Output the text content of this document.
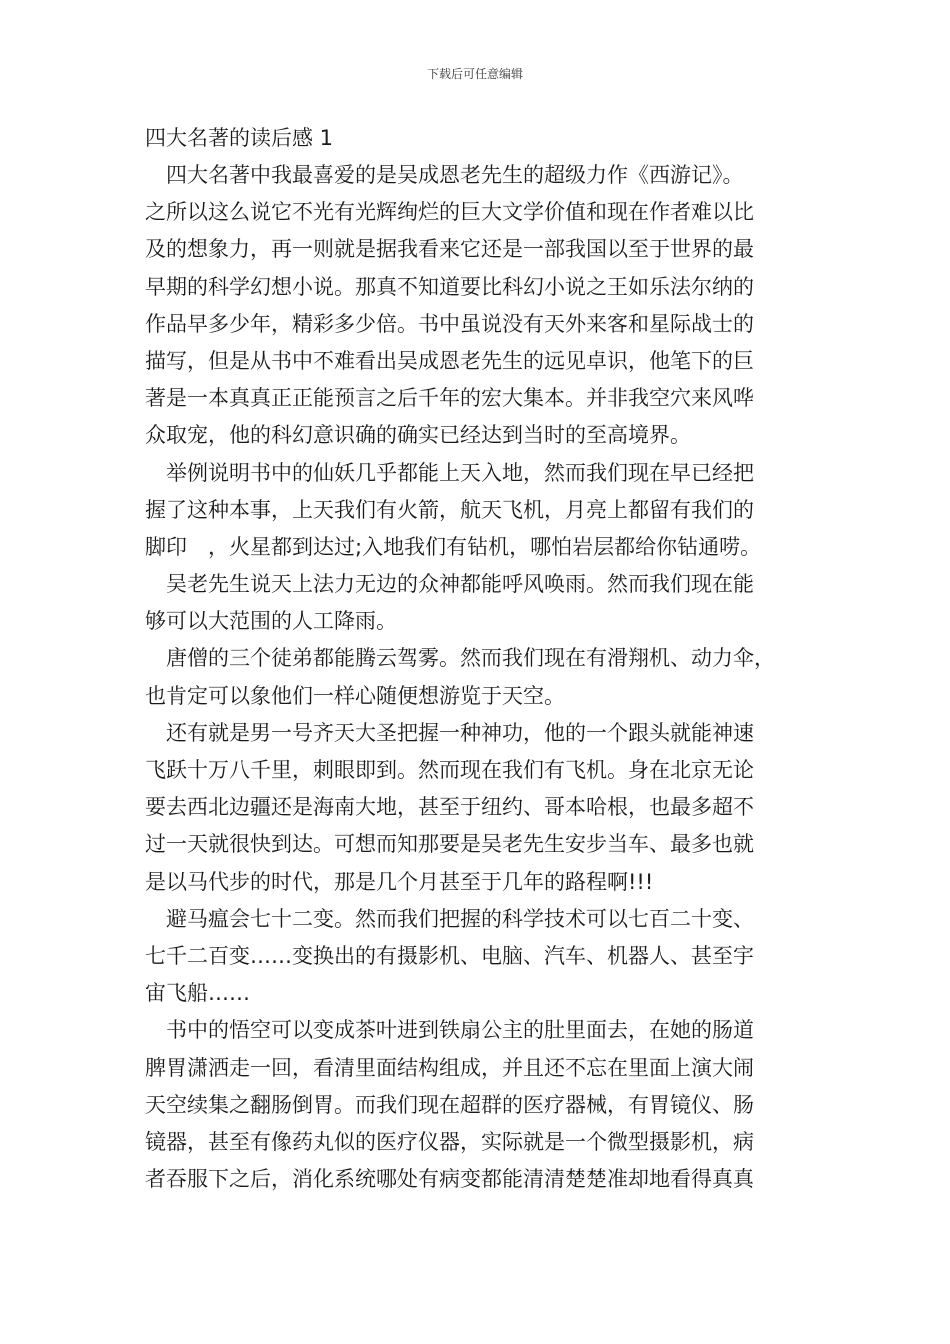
下载后可任意编辑
四大名著的读后感 1
四大名著中我最喜爱的是吴成恩老先生的超级力作《西游记》。
之所以这么说它不光有光辉绚烂的巨大文学价值和现在作者难以比
及的想象力，再一则就是据我看来它还是一部我国以至于世界的最
早期的科学幻想小说。那真不知道要比科幻小说之王如乐法尔纳的
作品早多少年，精彩多少倍。书中虽说没有天外来客和星际战士的
描写，但是从书中不难看出吴成恩老先生的远见卓识，他笔下的巨
著是一本真真正正能预言之后千年的宏大集本。并非我空穴来风哗
众取宠，他的科幻意识确的确实已经达到当时的至高境界。
举例说明书中的仙妖几乎都能上天入地，然而我们现在早已经把
握了这种本事，上天我们有火箭，航天飞机，月亮上都留有我们的
脚印　，火星都到达过;入地我们有钻机，哪怕岩层都给你钻通唠。
吴老先生说天上法力无边的众神都能呼风唤雨。然而我们现在能
够可以大范围的人工降雨。
唐僧的三个徒弟都能腾云驾雾。然而我们现在有滑翔机、动力伞，
也肯定可以象他们一样心随便想游览于天空。
还有就是男一号齐天大圣把握一种神功，他的一个跟头就能神速
飞跃十万八千里，刺眼即到。然而现在我们有飞机。身在北京无论
要去西北边疆还是海南大地，甚至于纽约、哥本哈根，也最多超不
过一天就很快到达。可想而知那要是吴老先生安步当车、最多也就
是以马代步的时代，那是几个月甚至于几年的路程啊!!!
避马瘟会七十二变。然而我们把握的科学技术可以七百二十变、
七千二百变……变换出的有摄影机、电脑、汽车、机器人、甚至宇
宙飞船……
书中的悟空可以变成茶叶进到铁扇公主的肚里面去，在她的肠道
脾胃潇洒走一回，看清里面结构组成，并且还不忘在里面上演大闹
天空续集之翻肠倒胃。而我们现在超群的医疗器械，有胃镜仪、肠
镜器，甚至有像药丸似的医疗仪器，实际就是一个微型摄影机，病
者吞服下之后，消化系统哪处有病变都能清清楚楚准却地看得真真
